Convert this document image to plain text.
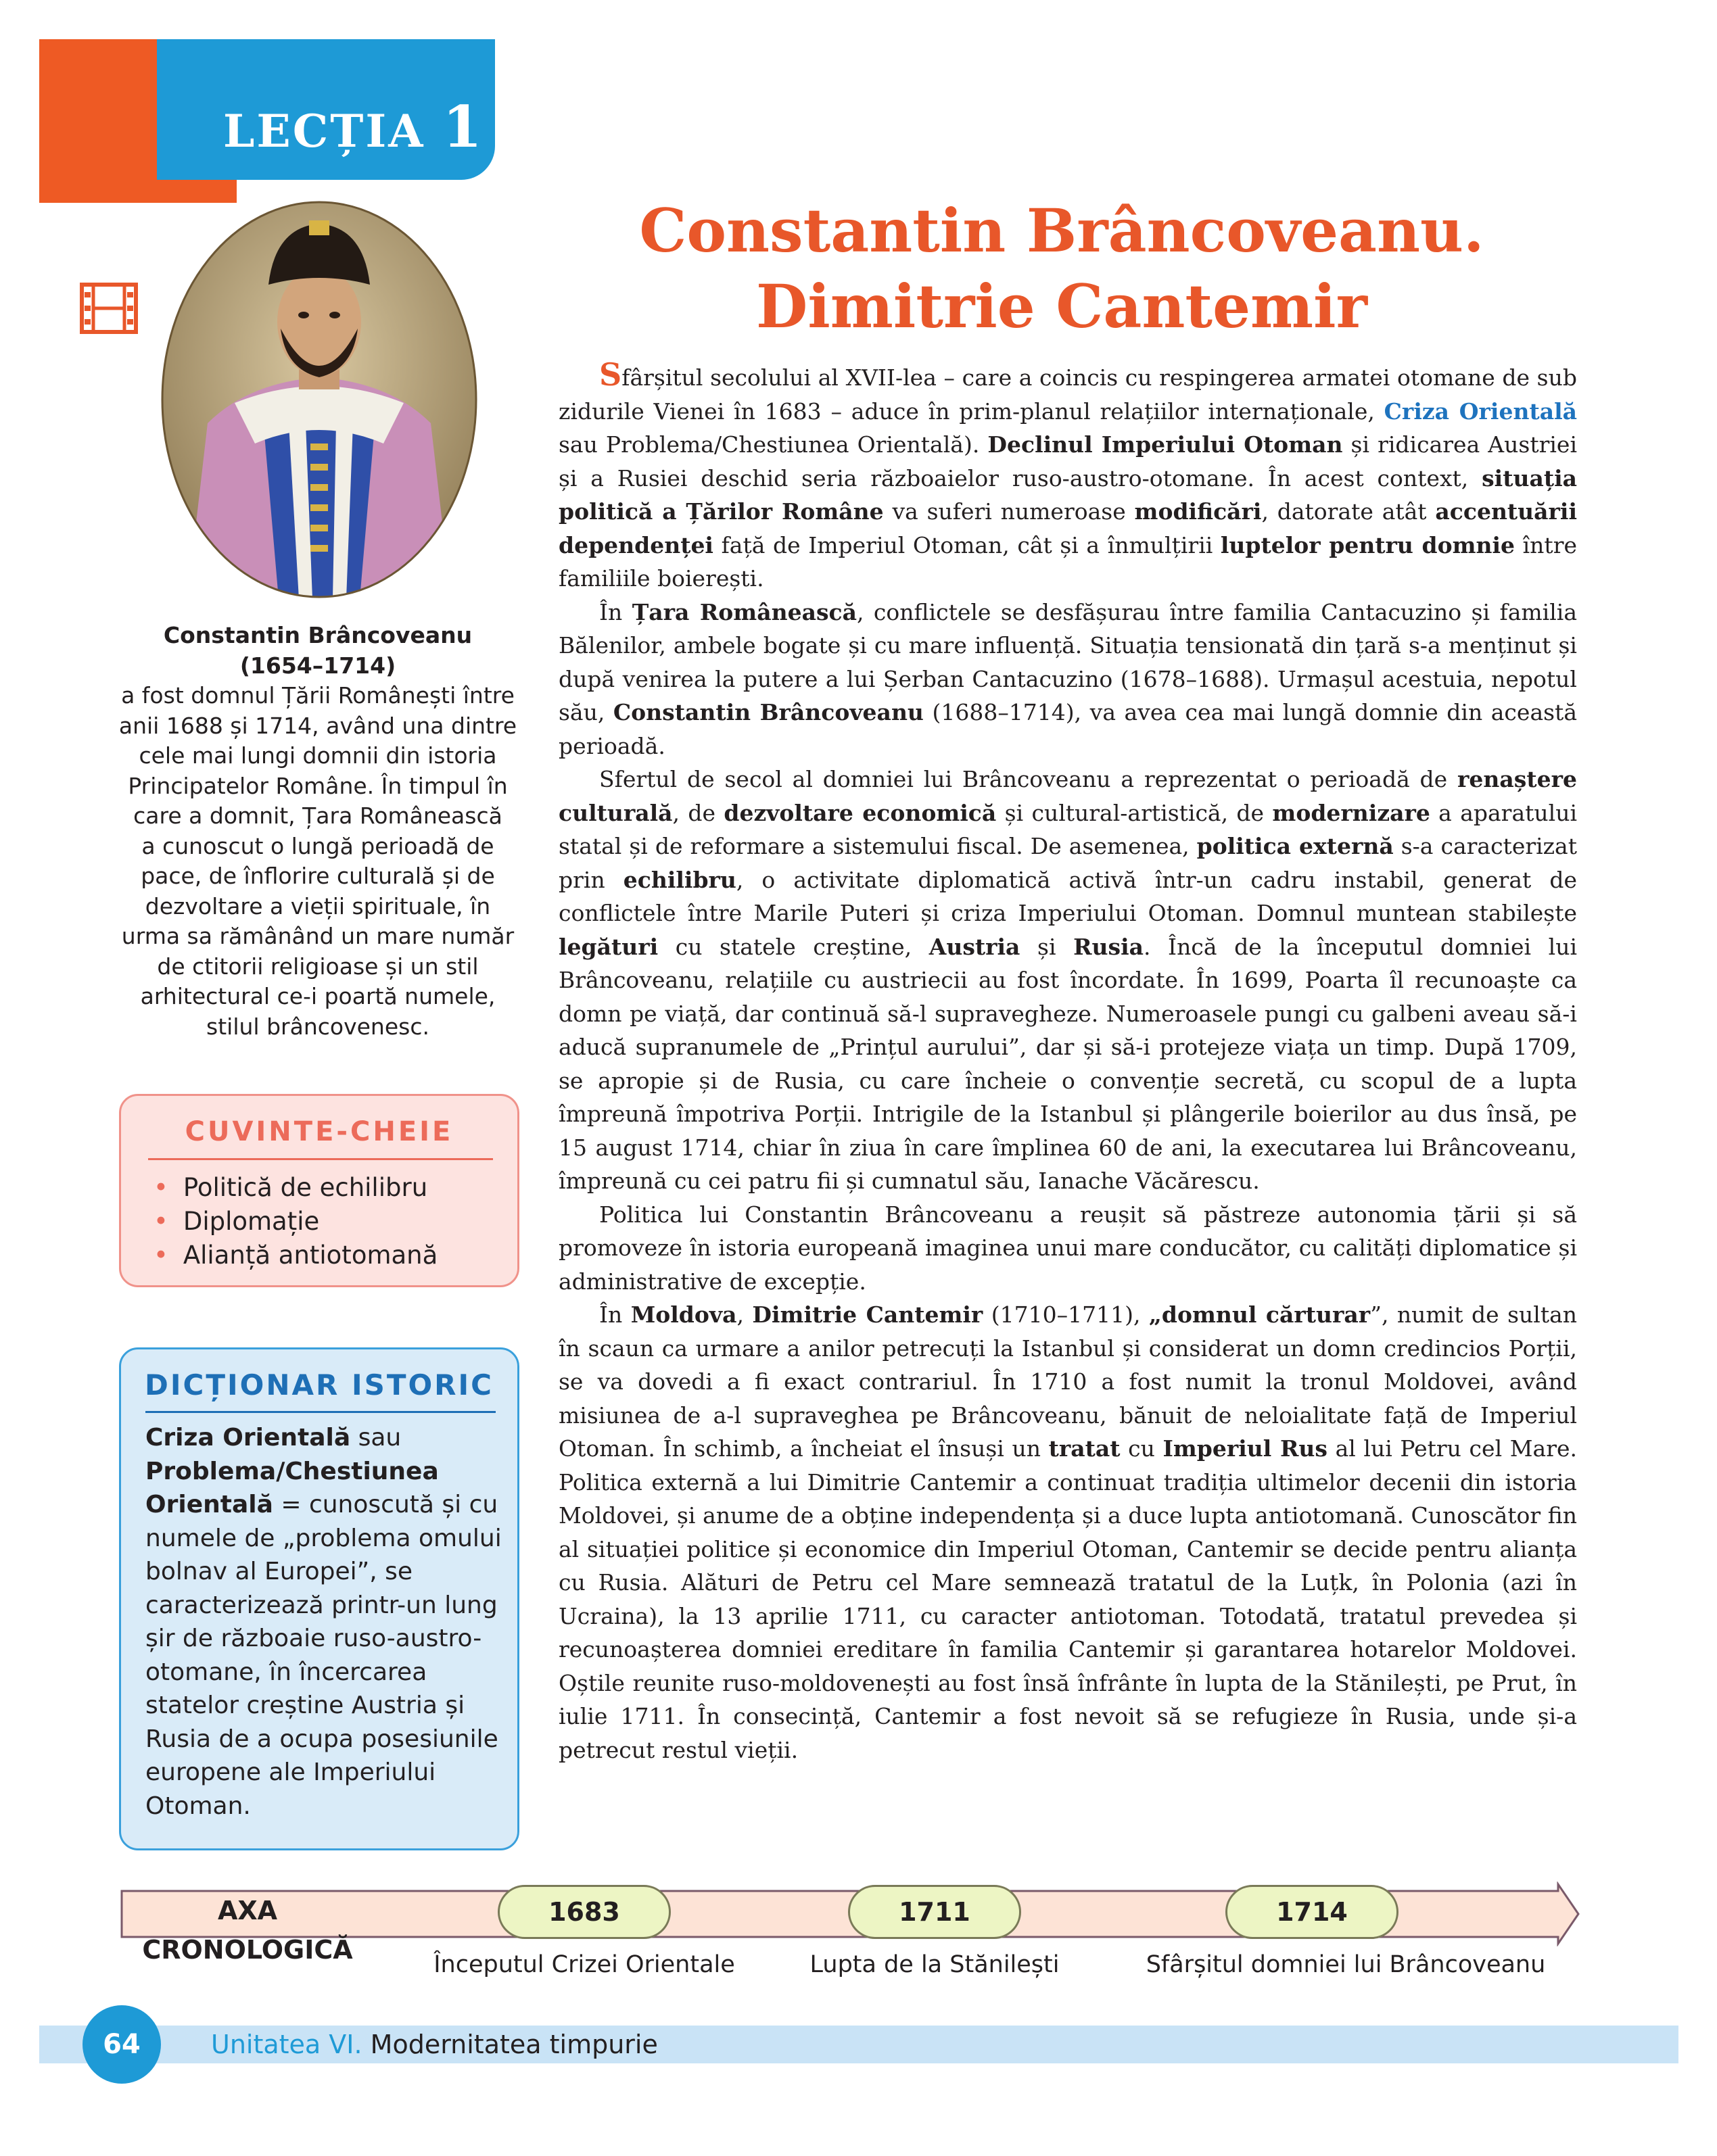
LECȚIA 1
Constantin Brâncoveanu.
Dimitrie Cantemir
Constantin Brâncoveanu
(1654–1714)
a fost domnul Țării Românești între
anii 1688 și 1714, având una dintre
cele mai lungi domnii din istoria
Principatelor Române. În timpul în
care a domnit, Țara Românească
a cunoscut o lungă perioadă de
pace, de înflorire culturală și de
dezvoltare a vieții spirituale, în
urma sa rămânând un mare număr
de ctitorii religioase și un stil
arhitectural ce-i poartă numele,
stilul brâncovenesc.
CUVINTE-CHEIE
• Politică de echilibru
• Diplomație
• Alianță antiotomană
DICȚIONAR ISTORIC
Criza Orientală sau Problema/Chestiunea Orientală = cunoscută și cu numele de „problema omului bolnav al Europei”, se caracterizează printr-un lung șir de războaie ruso-austro-otomane, în încercarea statelor creștine Austria și Rusia de a ocupa posesiunile europene ale Imperiului Otoman.

Sfârșitul secolului al XVII-lea – care a coincis cu respingerea armatei otomane de sub zidurile Vienei în 1683 – aduce în prim-planul relațiilor internaționale, Criza Orientală sau Problema/Chestiunea Orientală). Declinul Imperiului Otoman și ridicarea Austriei și a Rusiei deschid seria războaielor ruso-austro-otomane. În acest context, situația politică a Țărilor Române va suferi numeroase modificări, datorate atât accentuării dependenței față de Imperiul Otoman, cât și a înmulțirii luptelor pentru domnie între familiile boierești.

În Țara Românească, conflictele se desfășurau între familia Cantacuzino și familia Bălenilor, ambele bogate și cu mare influență. Situația tensionată din țară s-a menținut și după venirea la putere a lui Șerban Cantacuzino (1678–1688). Urmașul acestuia, nepotul său, Constantin Brâncoveanu (1688–1714), va avea cea mai lungă domnie din această perioadă.

Sfertul de secol al domniei lui Brâncoveanu a reprezentat o perioadă de renaștere culturală, de dezvoltare economică și cultural-artistică, de modernizare a aparatului statal și de reformare a sistemului fiscal. De asemenea, politica externă s-a caracterizat prin echilibru, o activitate diplomatică activă într-un cadru instabil, generat de conflictele între Marile Puteri și criza Imperiului Otoman. Domnul muntean stabilește legături cu statele creștine, Austria și Rusia. Încă de la începutul domniei lui Brâncoveanu, relațiile cu austriecii au fost încordate. În 1699, Poarta îl recunoaște ca domn pe viață, dar continuă să-l supravegheze. Numeroasele pungi cu galbeni aveau să-i aducă supranumele de „Prințul aurului”, dar și să-i protejeze viața un timp. După 1709, se apropie și de Rusia, cu care încheie o convenție secretă, cu scopul de a lupta împreună împotriva Porții. Intrigile de la Istanbul și plângerile boierilor au dus însă, pe 15 august 1714, chiar în ziua în care împlinea 60 de ani, la executarea lui Brâncoveanu, împreună cu cei patru fii și cumnatul său, Ianache Văcărescu.

Politica lui Constantin Brâncoveanu a reușit să păstreze autonomia țării și să promoveze în istoria europeană imaginea unui mare conducător, cu calități diplomatice și administrative de excepție.

În Moldova, Dimitrie Cantemir (1710–1711), „domnul cărturar”, numit de sultan în scaun ca urmare a anilor petrecuți la Istanbul și considerat un domn credincios Porții, se va dovedi a fi exact contrariul. În 1710 a fost numit la tronul Moldovei, având misiunea de a-l supraveghea pe Brâncoveanu, bănuit de neloialitate față de Imperiul Otoman. În schimb, a încheiat el însuși un tratat cu Imperiul Rus al lui Petru cel Mare. Politica externă a lui Dimitrie Cantemir a continuat tradiția ultimelor decenii din istoria Moldovei, și anume de a obține independența și a duce lupta antiotomană. Cunoscător fin al situației politice și economice din Imperiul Otoman, Cantemir se decide pentru alianța cu Rusia. Alături de Petru cel Mare semnează tratatul de la Luțk, în Polonia (azi în Ucraina), la 13 aprilie 1711, cu caracter antiotoman. Totodată, tratatul prevedea și recunoașterea domniei ereditare în familia Cantemir și garantarea hotarelor Moldovei. Oștile reunite ruso-moldovenești au fost însă înfrânte în lupta de la Stănilești, pe Prut, în iulie 1711. În consecință, Cantemir a fost nevoit să se refugieze în Rusia, unde și-a petrecut restul vieții.

AXA CRONOLOGICĂ
1683	1711	1714
Începutul Crizei Orientale	Lupta de la Stănilești	Sfârșitul domniei lui Brâncoveanu
64	Unitatea VI. Modernitatea timpurie
